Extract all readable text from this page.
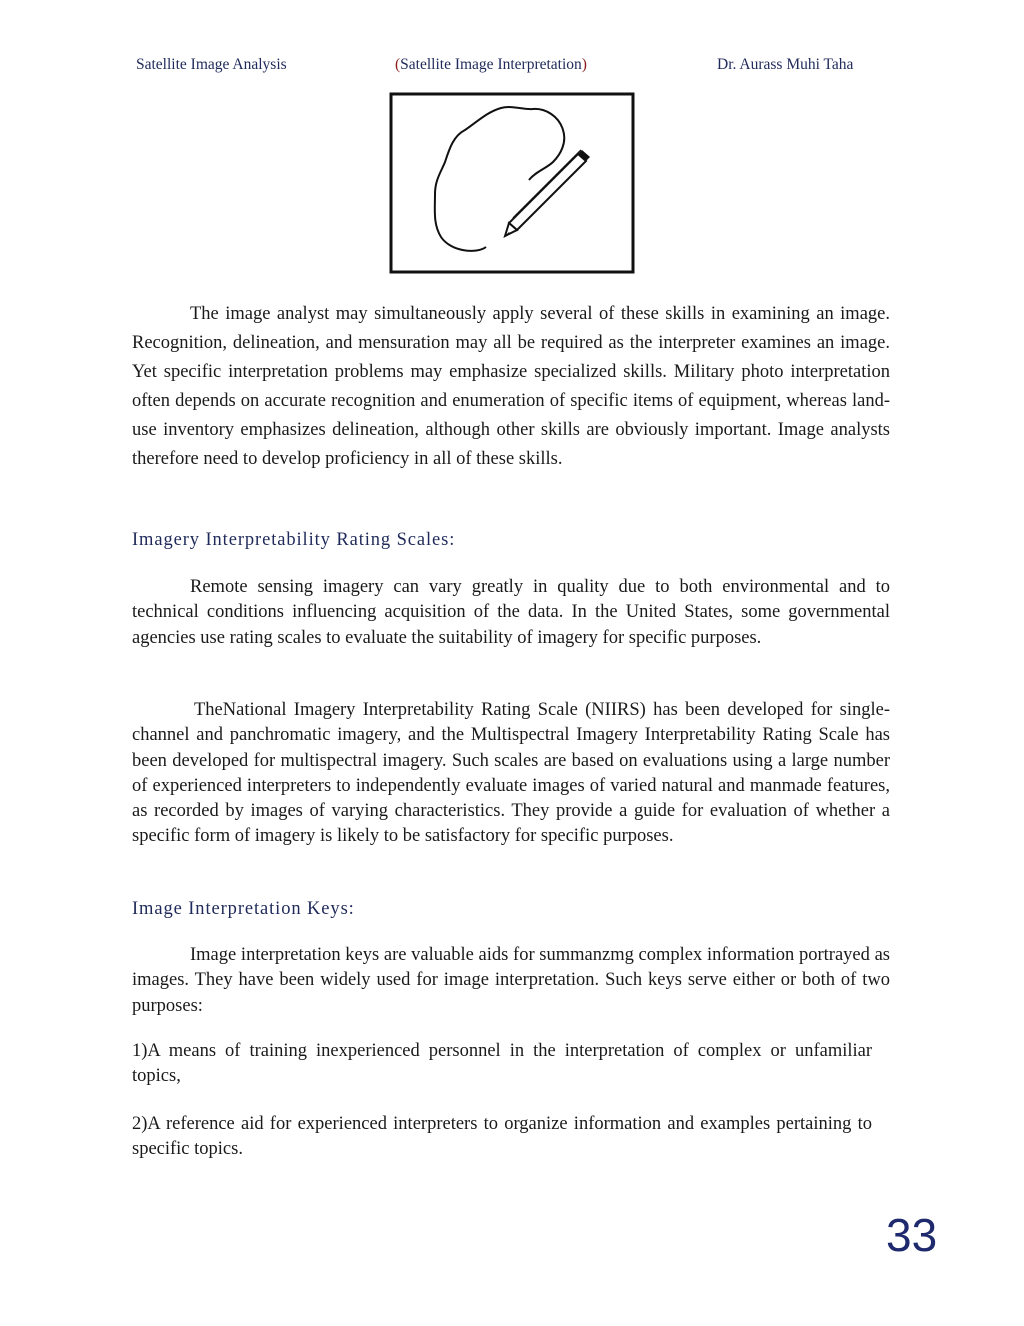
Satellite Image Analysis	(Satellite Image Interpretation)	Dr. Aurass Muhi Taha
The image analyst may simultaneously apply several of these skills in examining an image. Recognition, delineation, and mensuration may all be required as the interpreter examines an image. Yet specific interpretation problems may emphasize specialized skills. Military photo interpretation often depends on accurate recognition and enumeration of specific items of equipment, whereas land-use inventory emphasizes delineation, although other skills are obviously important. Image analysts therefore need to develop proficiency in all of these skills.
Imagery Interpretability Rating Scales:
Remote sensing imagery can vary greatly in quality due to both environmental and to technical conditions influencing acquisition of the data. In the United States, some governmental agencies use rating scales to evaluate the suitability of imagery for specific purposes.
TheNational Imagery Interpretability Rating Scale (NIIRS) has been developed for single-channel and panchromatic imagery, and the Multispectral Imagery Interpretability Rating Scale has been developed for multispectral imagery. Such scales are based on evaluations using a large number of experienced interpreters to independently evaluate images of varied natural and manmade features, as recorded by images of varying characteristics. They provide a guide for evaluation of whether a specific form of imagery is likely to be satisfactory for specific purposes.
Image Interpretation Keys:
Image interpretation keys are valuable aids for summanzmg complex information portrayed as images. They have been widely used for image interpretation. Such keys serve either or both of two purposes:
1)A means of training inexperienced personnel in the interpretation of complex or unfamiliar topics,
2)A reference aid for experienced interpreters to organize information and examples pertaining to specific topics.
33
